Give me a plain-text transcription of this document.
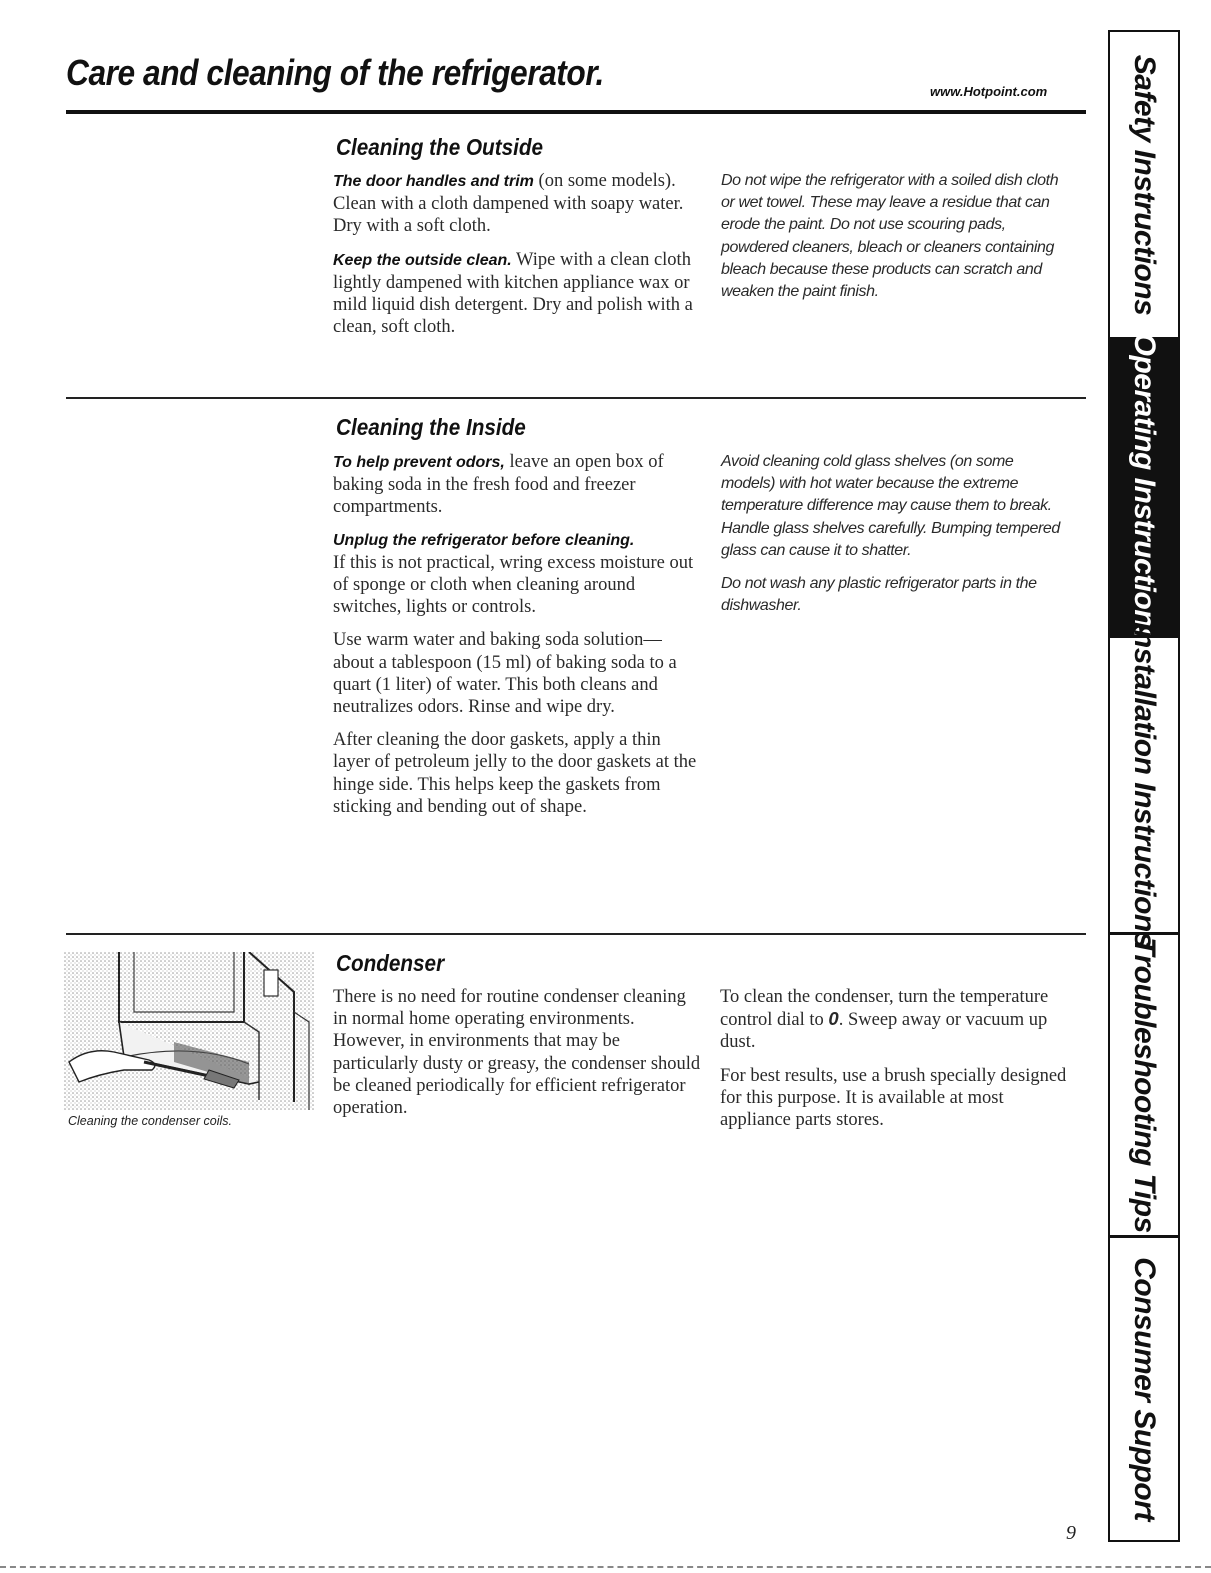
Care and cleaning of the refrigerator.	www.Hotpoint.com
Cleaning the Outside

The door handles and trim (on some models). Clean with a cloth dampened with soapy water. Dry with a soft cloth.

Keep the outside clean. Wipe with a clean cloth lightly dampened with kitchen appliance wax or mild liquid dish detergent. Dry and polish with a clean, soft cloth.

Do not wipe the refrigerator with a soiled dish cloth or wet towel. These may leave a residue that can erode the paint. Do not use scouring pads, powdered cleaners, bleach or cleaners containing bleach because these products can scratch and weaken the paint finish.

Cleaning the Inside

To help prevent odors, leave an open box of baking soda in the fresh food and freezer compartments.

Unplug the refrigerator before cleaning.
If this is not practical, wring excess moisture out of sponge or cloth when cleaning around switches, lights or controls.

Use warm water and baking soda solution—about a tablespoon (15 ml) of baking soda to a quart (1 liter) of water. This both cleans and neutralizes odors. Rinse and wipe dry.

After cleaning the door gaskets, apply a thin layer of petroleum jelly to the door gaskets at the hinge side. This helps keep the gaskets from sticking and bending out of shape.

Avoid cleaning cold glass shelves (on some models) with hot water because the extreme temperature difference may cause them to break. Handle glass shelves carefully. Bumping tempered glass can cause it to shatter.

Do not wash any plastic refrigerator parts in the dishwasher.

Cleaning the condenser coils.
Condenser

There is no need for routine condenser cleaning in normal home operating environments. However, in environments that may be particularly dusty or greasy, the condenser should be cleaned periodically for efficient refrigerator operation.

To clean the condenser, turn the temperature control dial to 0. Sweep away or vacuum up dust.

For best results, use a brush specially designed for this purpose. It is available at most appliance parts stores.

Safety Instructions
Operating Instructions
Installation Instructions
Troubleshooting Tips
Consumer Support
9
